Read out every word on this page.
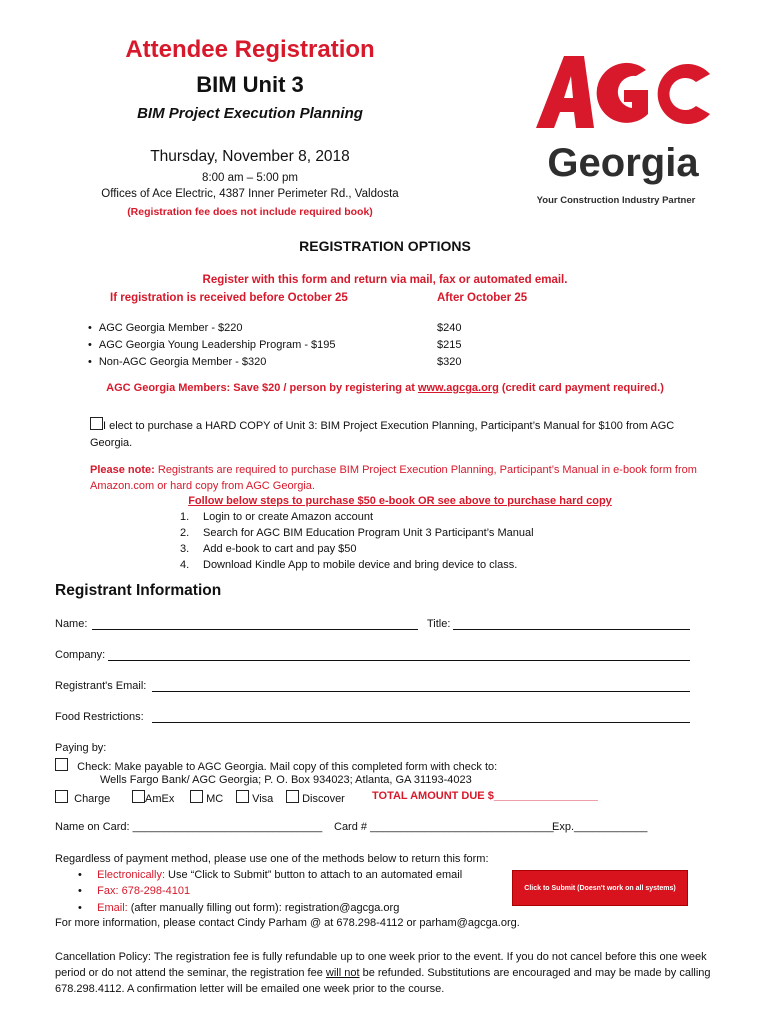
Attendee Registration
BIM Unit 3
BIM Project Execution Planning
Thursday, November 8, 2018
8:00 am – 5:00 pm
Offices of Ace Electric, 4387 Inner Perimeter Rd., Valdosta
(Registration fee does not include required book)
Georgia
Your Construction Industry Partner
REGISTRATION OPTIONS
Register with this form and return via mail, fax or automated email.
If registration is received before October 25	After October 25
• AGC Georgia Member - $220	$240
• AGC Georgia Young Leadership Program - $195	$215
• Non-AGC Georgia Member - $320	$320
AGC Georgia Members: Save $20 / person by registering at www.agcga.org (credit card payment required.)
I elect to purchase a HARD COPY of Unit 3: BIM Project Execution Planning, Participant’s Manual for $100 from AGC Georgia.
Please note: Registrants are required to purchase BIM Project Execution Planning, Participant’s Manual in e-book form from Amazon.com or hard copy from AGC Georgia.
Follow below steps to purchase $50 e-book OR see above to purchase hard copy
1. Login to or create Amazon account
2. Search for AGC BIM Education Program Unit 3 Participant’s Manual
3. Add e-book to cart and pay $50
4. Download Kindle App to mobile device and bring device to class.
Registrant Information
Name:	Title:
Company:
Registrant's Email:
Food Restrictions:
Paying by:
Check: Make payable to AGC Georgia. Mail copy of this completed form with check to:
Wells Fargo Bank/ AGC Georgia; P. O. Box 934023; Atlanta, GA 31193-4023
Charge	AmEx	MC	Visa	Discover TOTAL AMOUNT DUE $_________________
Name on Card: _______________________________ Card # ______________________________
Exp.____________
Regardless of payment method, please use one of the methods below to return this form:
• Electronically: Use “Click to Submit” button to attach to an automated email
• Fax: 678-298-4101
• Email: (after manually filling out form): registration@agcga.org
For more information, please contact Cindy Parham @ at 678.298-4112 or parham@agcga.org.
Click to Submit (Doesn't work on all systems)
Cancellation Policy: The registration fee is fully refundable up to one week prior to the event. If you do not cancel before this one week period or do not attend the seminar, the registration fee will not be refunded. Substitutions are encouraged and may be made by calling 678.298.4112. A confirmation letter will be emailed one week prior to the course.
